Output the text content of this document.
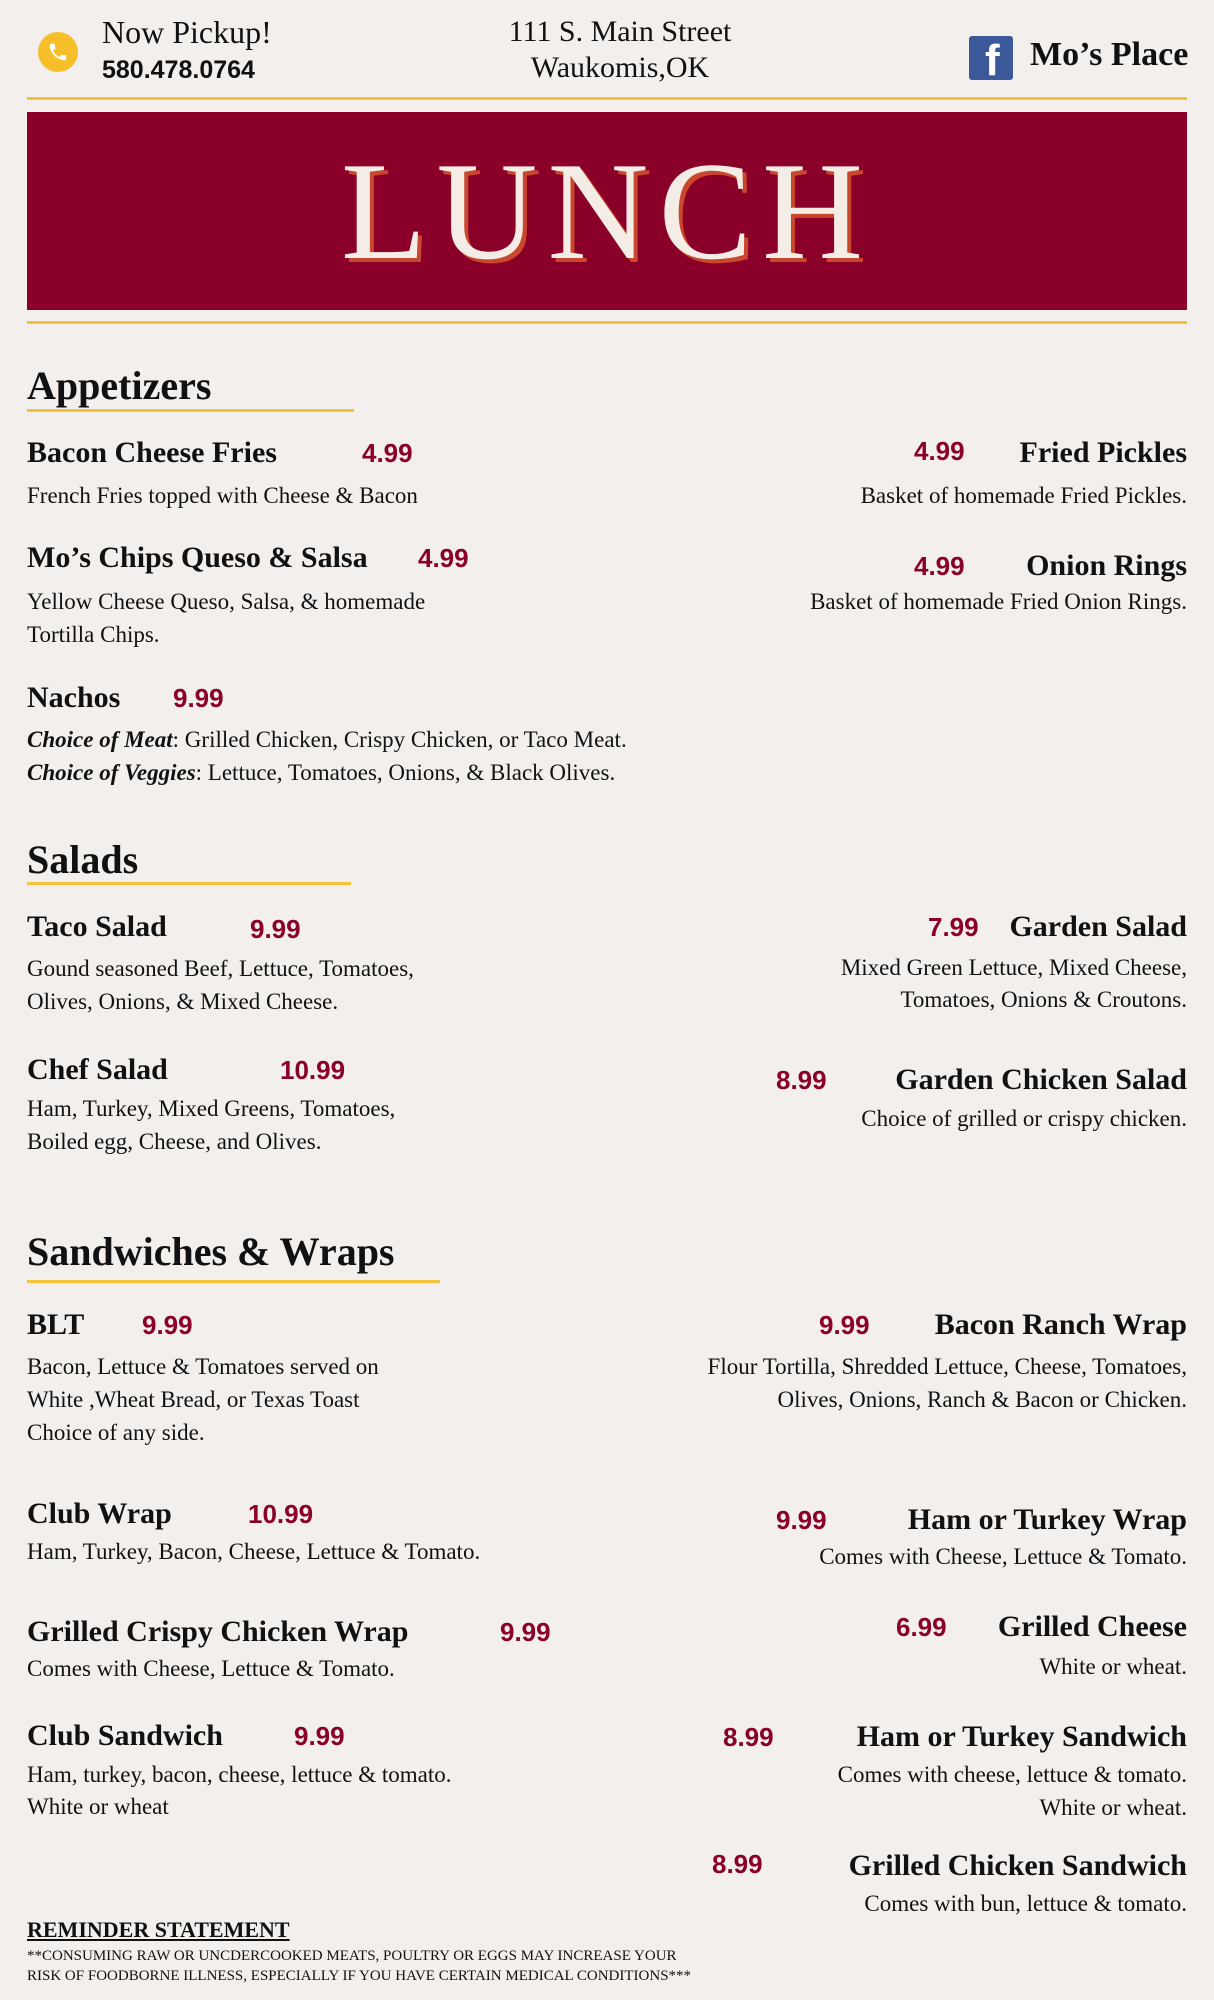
Now Pickup!
580.478.0764
111 S. Main Street
Waukomis,OK	f Mo’s Place
LUNCH
Appetizers
Bacon Cheese Fries	4.99
French Fries topped with Cheese & Bacon
Fried Pickles
4.99
Basket of homemade Fried Pickles.
Mo’s Chips Queso & Salsa 4.99
Yellow Cheese Queso, Salsa, & homemade
Tortilla Chips.
Onion Rings
4.99
Basket of homemade Fried Onion Rings.
Nachos 9.99
Choice of Meat: Grilled Chicken, Crispy Chicken, or Taco Meat.
Choice of Veggies: Lettuce, Tomatoes, Onions, & Black Olives.
Salads
Taco Salad	9.99
Gound seasoned Beef, Lettuce, Tomatoes,
Olives, Onions, & Mixed Cheese.
Garden Salad
7.99
Mixed Green Lettuce, Mixed Cheese,
Tomatoes, Onions & Croutons.
Chef Salad	10.99
Ham, Turkey, Mixed Greens, Tomatoes,
Boiled egg, Cheese, and Olives.
Garden Chicken Salad
8.99
Choice of grilled or crispy chicken.
Sandwiches & Wraps
BLT 9.99
Bacon, Lettuce & Tomatoes served on
White ,Wheat Bread, or Texas Toast
Choice of any side.
Bacon Ranch Wrap
9.99
Flour Tortilla, Shredded Lettuce, Cheese, Tomatoes,
Olives, Onions, Ranch & Bacon or Chicken.
Club Wrap	10.99
Ham, Turkey, Bacon, Cheese, Lettuce & Tomato.
Ham or Turkey Wrap
9.99
Comes with Cheese, Lettuce & Tomato.
Grilled Crispy Chicken Wrap	9.99
Comes with Cheese, Lettuce & Tomato.
Grilled Cheese
6.99
White or wheat.
Club Sandwich	9.99
Ham, turkey, bacon, cheese, lettuce & tomato.
White or wheat
Ham or Turkey Sandwich
8.99
Comes with cheese, lettuce & tomato.
White or wheat.
Grilled Chicken Sandwich
8.99
Comes with bun, lettuce & tomato.
REMINDER STATEMENT
**CONSUMING RAW OR UNCDERCOOKED MEATS, POULTRY OR EGGS MAY INCREASE YOUR
RISK OF FOODBORNE ILLNESS, ESPECIALLY IF YOU HAVE CERTAIN MEDICAL CONDITIONS***
